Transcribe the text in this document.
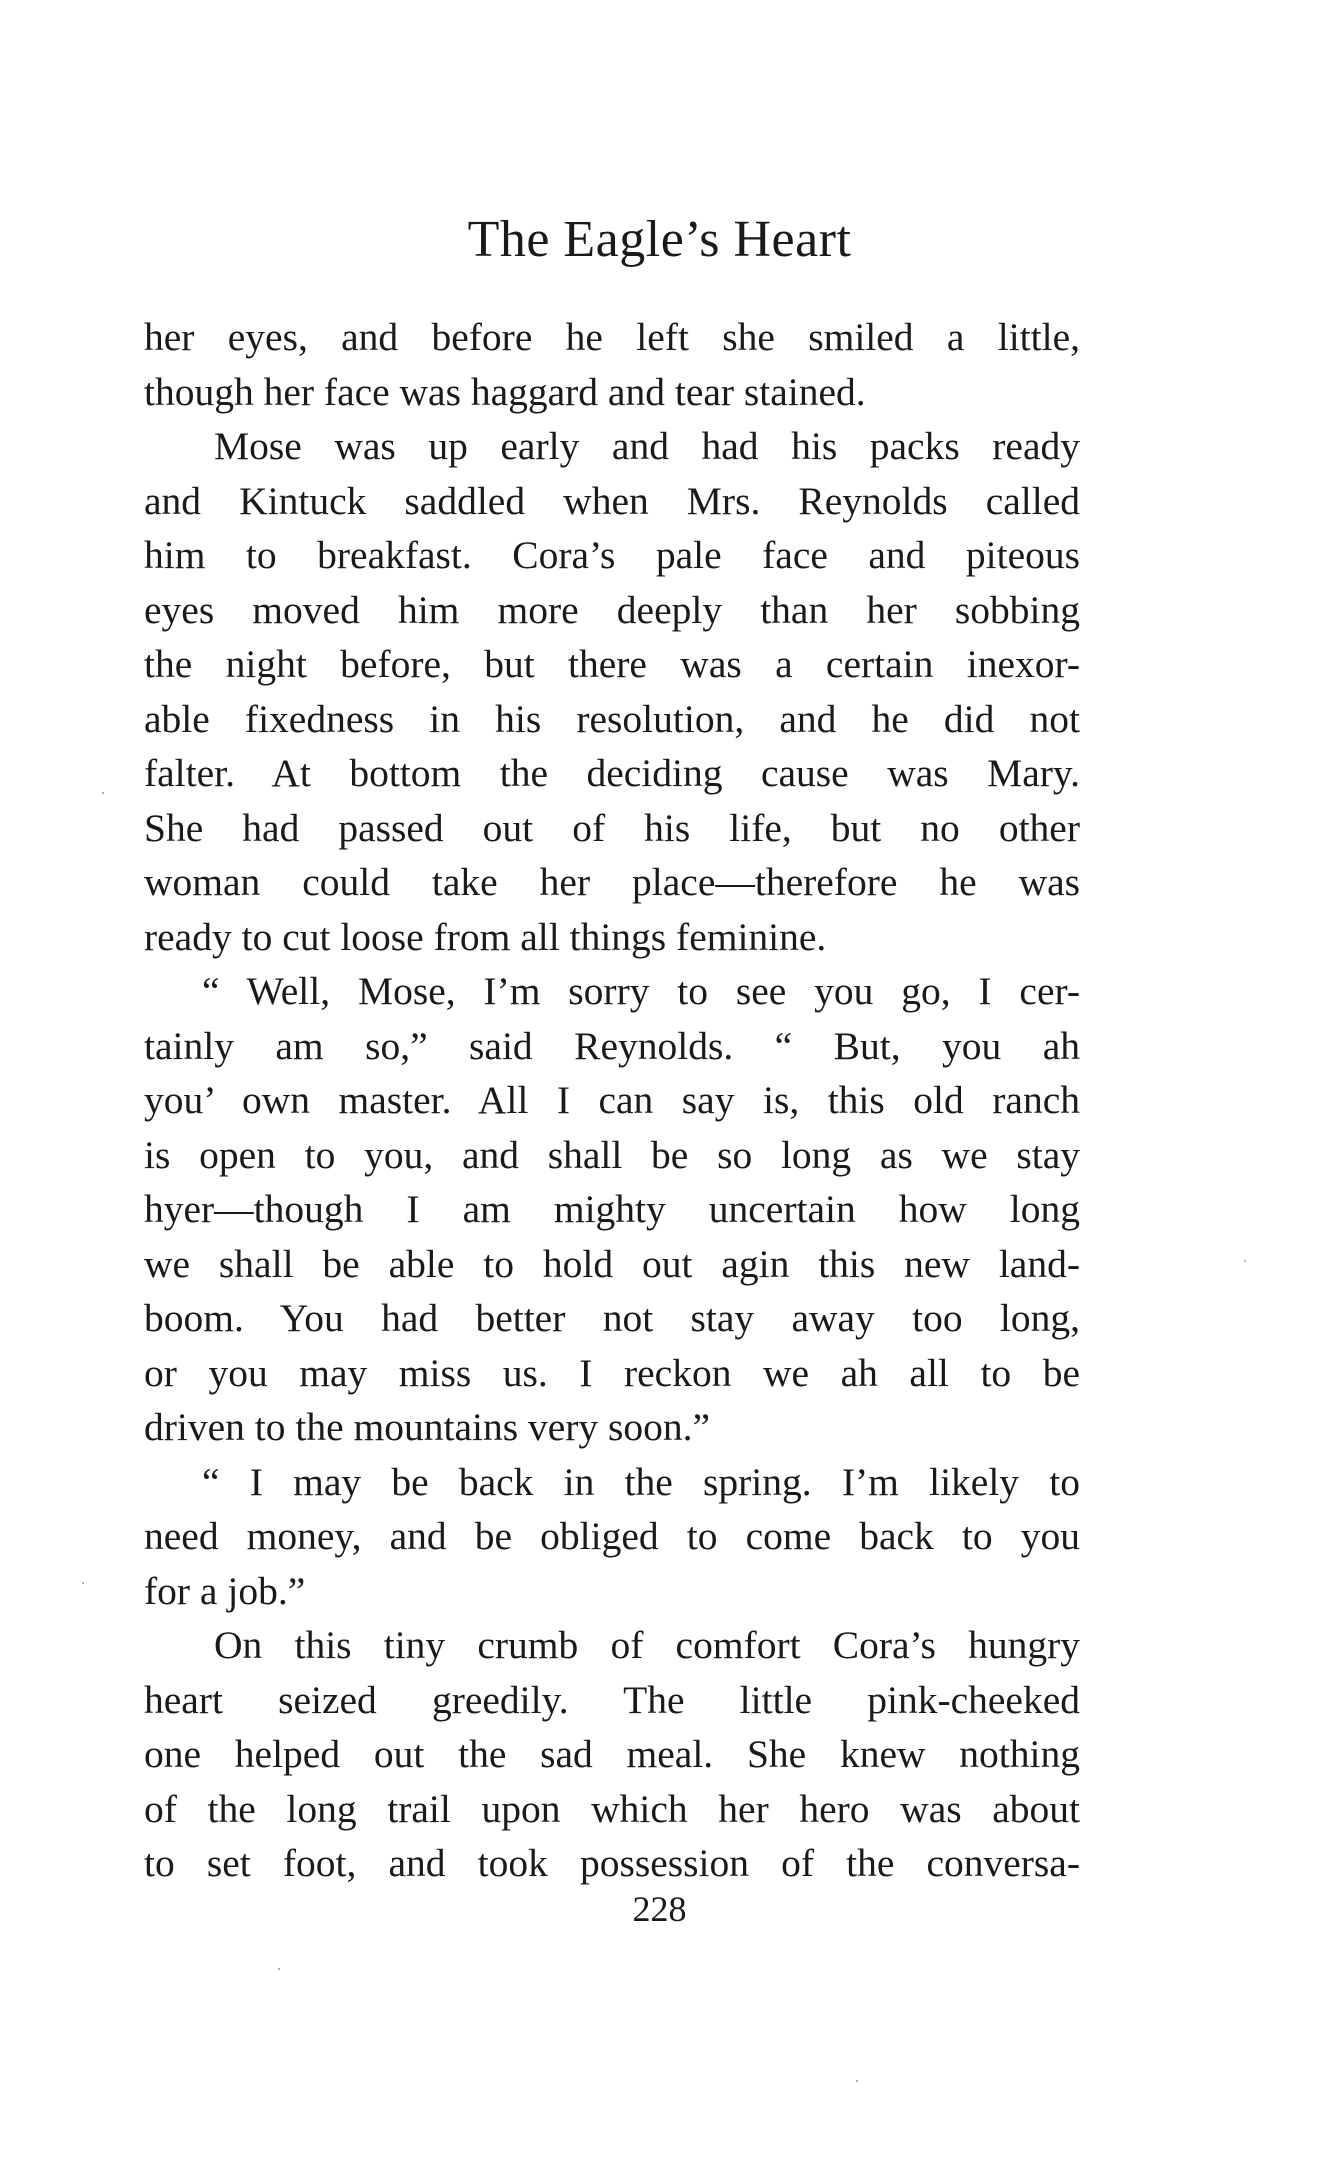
The Eagle’s Heart
her eyes, and before he left she smiled a little,
though her face was haggard and tear stained.
Mose was up early and had his packs ready
and Kintuck saddled when Mrs. Reynolds called
him to breakfast. Cora’s pale face and piteous
eyes moved him more deeply than her sobbing
the night before, but there was a certain inexor-
able fixedness in his resolution, and he did not
falter. At bottom the deciding cause was Mary.
She had passed out of his life, but no other
woman could take her place—therefore he was
ready to cut loose from all things feminine.
“ Well, Mose, I’m sorry to see you go, I cer-
tainly am so,” said Reynolds. “ But, you ah
you’ own master. All I can say is, this old ranch
is open to you, and shall be so long as we stay
hyer—though I am mighty uncertain how long
we shall be able to hold out agin this new land-
boom. You had better not stay away too long,
or you may miss us. I reckon we ah all to be
driven to the mountains very soon.”
“ I may be back in the spring. I’m likely to
need money, and be obliged to come back to you
for a job.”
On this tiny crumb of comfort Cora’s hungry
heart seized greedily. The little pink-cheeked
one helped out the sad meal. She knew nothing
of the long trail upon which her hero was about
to set foot, and took possession of the conversa-

228
